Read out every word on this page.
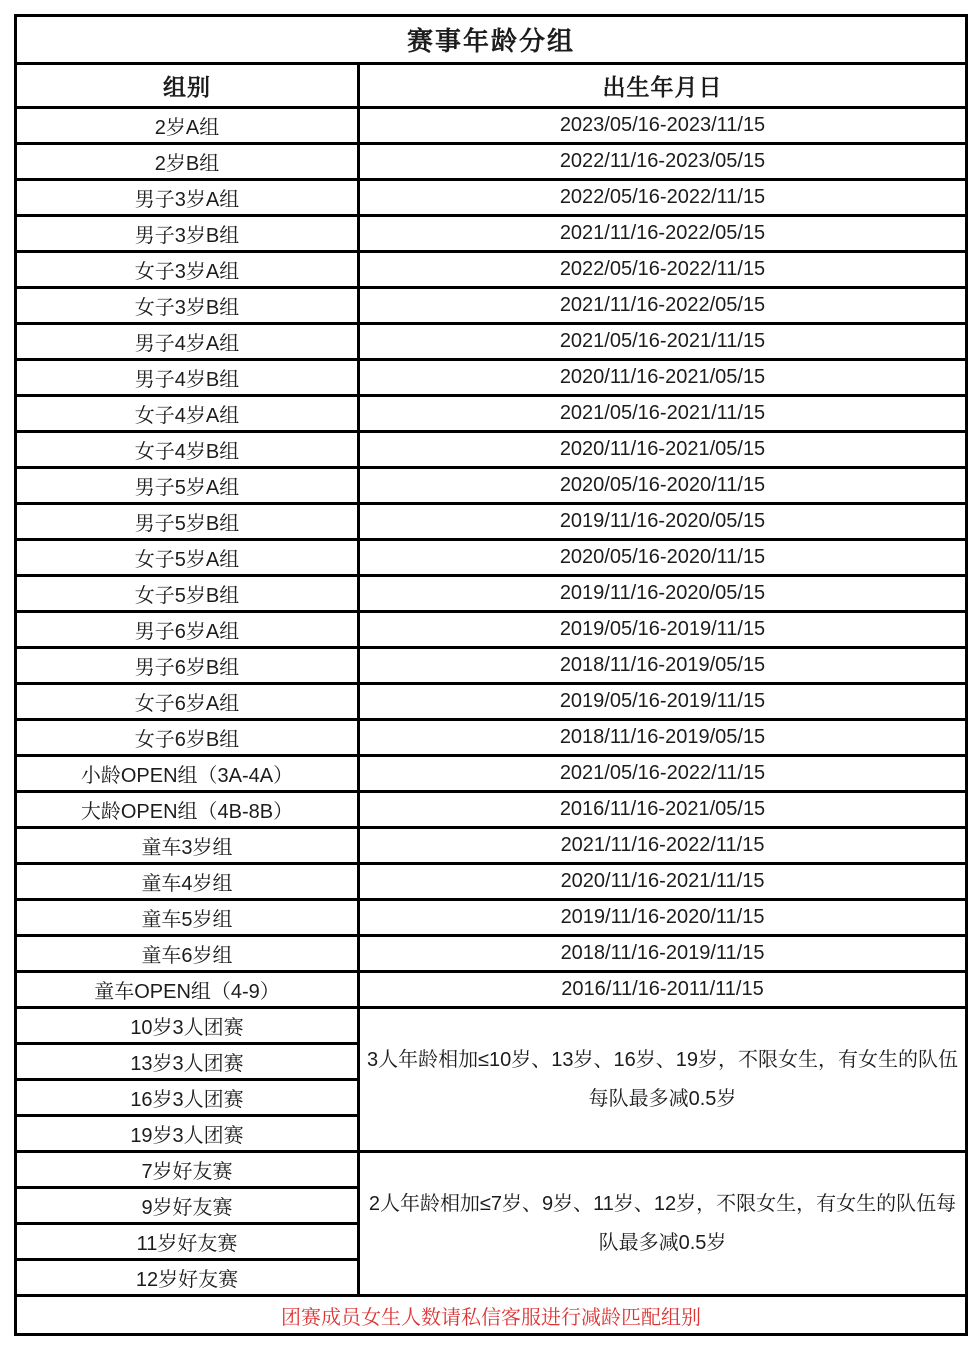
赛事年龄分组	
组别	出生年月日
2岁A组	2023/05/16-2023/11/15
2岁B组	2022/11/16-2023/05/15
男子3岁A组	2022/05/16-2022/11/15
男子3岁B组	2021/11/16-2022/05/15
女子3岁A组	2022/05/16-2022/11/15
女子3岁B组	2021/11/16-2022/05/15
男子4岁A组	2021/05/16-2021/11/15
男子4岁B组	2020/11/16-2021/05/15
女子4岁A组	2021/05/16-2021/11/15
女子4岁B组	2020/11/16-2021/05/15
男子5岁A组	2020/05/16-2020/11/15
男子5岁B组	2019/11/16-2020/05/15
女子5岁A组	2020/05/16-2020/11/15
女子5岁B组	2019/11/16-2020/05/15
男子6岁A组	2019/05/16-2019/11/15
男子6岁B组	2018/11/16-2019/05/15
女子6岁A组	2019/05/16-2019/11/15
女子6岁B组	2018/11/16-2019/05/15
小龄OPEN组（3A-4A）	2021/05/16-2022/11/15
大龄OPEN组（4B-8B）	2016/11/16-2021/05/15
童车3岁组	2021/11/16-2022/11/15
童车4岁组	2020/11/16-2021/11/15
童车5岁组	2019/11/16-2020/11/15
童车6岁组	2018/11/16-2019/11/15
童车OPEN组（4-9）	2016/11/16-2011/11/15
10岁3人团赛	3人年龄相加≤10岁、13岁、16岁、19岁，不限女生，有女生的队伍每队最多减0.5岁
13岁3人团赛	
16岁3人团赛	
19岁3人团赛	
7岁好友赛	2人年龄相加≤7岁、9岁、11岁、12岁，不限女生，有女生的队伍每队最多减0.5岁
9岁好友赛	
11岁好友赛	
12岁好友赛	
团赛成员女生人数请私信客服进行减龄匹配组别	
